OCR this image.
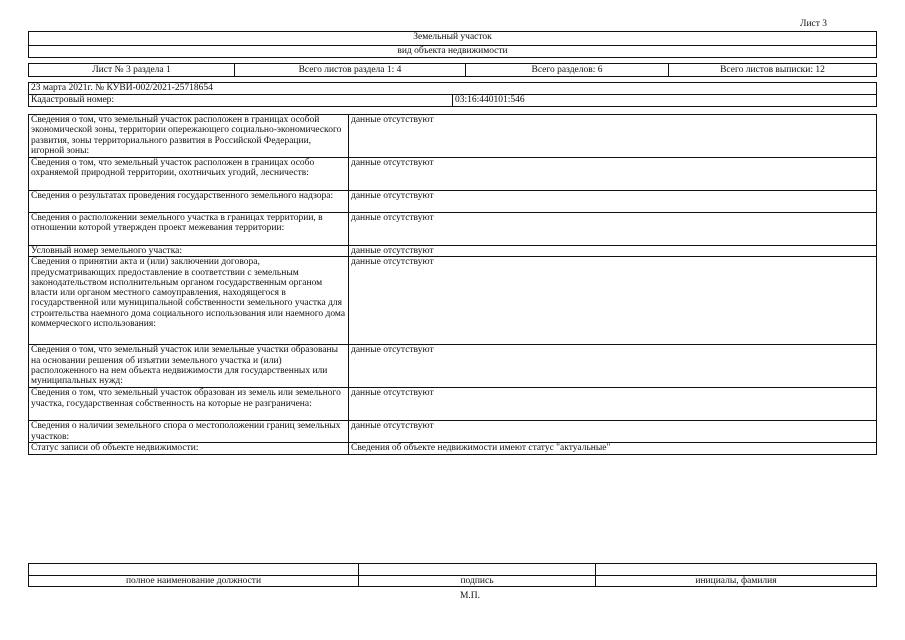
Лист 3
Земельный участок
вид объекта недвижимости
Лист № 3 раздела 1	Всего листов раздела 1: 4	Всего разделов: 6	Всего листов выписки: 12
23 марта 2021г. № КУВИ-002/2021-25718654
Кадастровый номер:	03:16:440101:546
Сведения о том, что земельный участок расположен в границах особой экономической зоны, территории опережающего социально-экономического развития, зоны территориального развития в Российской Федерации, игорной зоны:	данные отсутствуют
Сведения о том, что земельный участок расположен в границах особо охраняемой природной территории, охотничьих угодий, лесничеств:	данные отсутствуют
Сведения о результатах проведения государственного земельного надзора:	данные отсутствуют
Сведения о расположении земельного участка в границах территории, в отношении которой утвержден проект межевания территории:	данные отсутствуют
Условный номер земельного участка:	данные отсутствуют
Сведения о принятии акта и (или) заключении договора, предусматривающих предоставление в соответствии с земельным законодательством исполнительным органом государственным органом власти или органом местного самоуправления, находящегося в государственной или муниципальной собственности земельного участка для строительства наемного дома социального использования или наемного дома коммерческого использования:	данные отсутствуют
Сведения о том, что земельный участок или земельные участки образованы на основании решения об изъятии земельного участка и (или) расположенного на нем объекта недвижимости для государственных или муниципальных нужд:	данные отсутствуют
Сведения о том, что земельный участок образован из земель или земельного участка, государственная собственность на которые не разграничена:	данные отсутствуют
Сведения о наличии земельного спора о местоположении границ земельных участков:	данные отсутствуют
Статус записи об объекте недвижимости:	Сведения об объекте недвижимости имеют статус "актуальные"

полное наименование должности	подпись	инициалы, фамилия
М.П.
